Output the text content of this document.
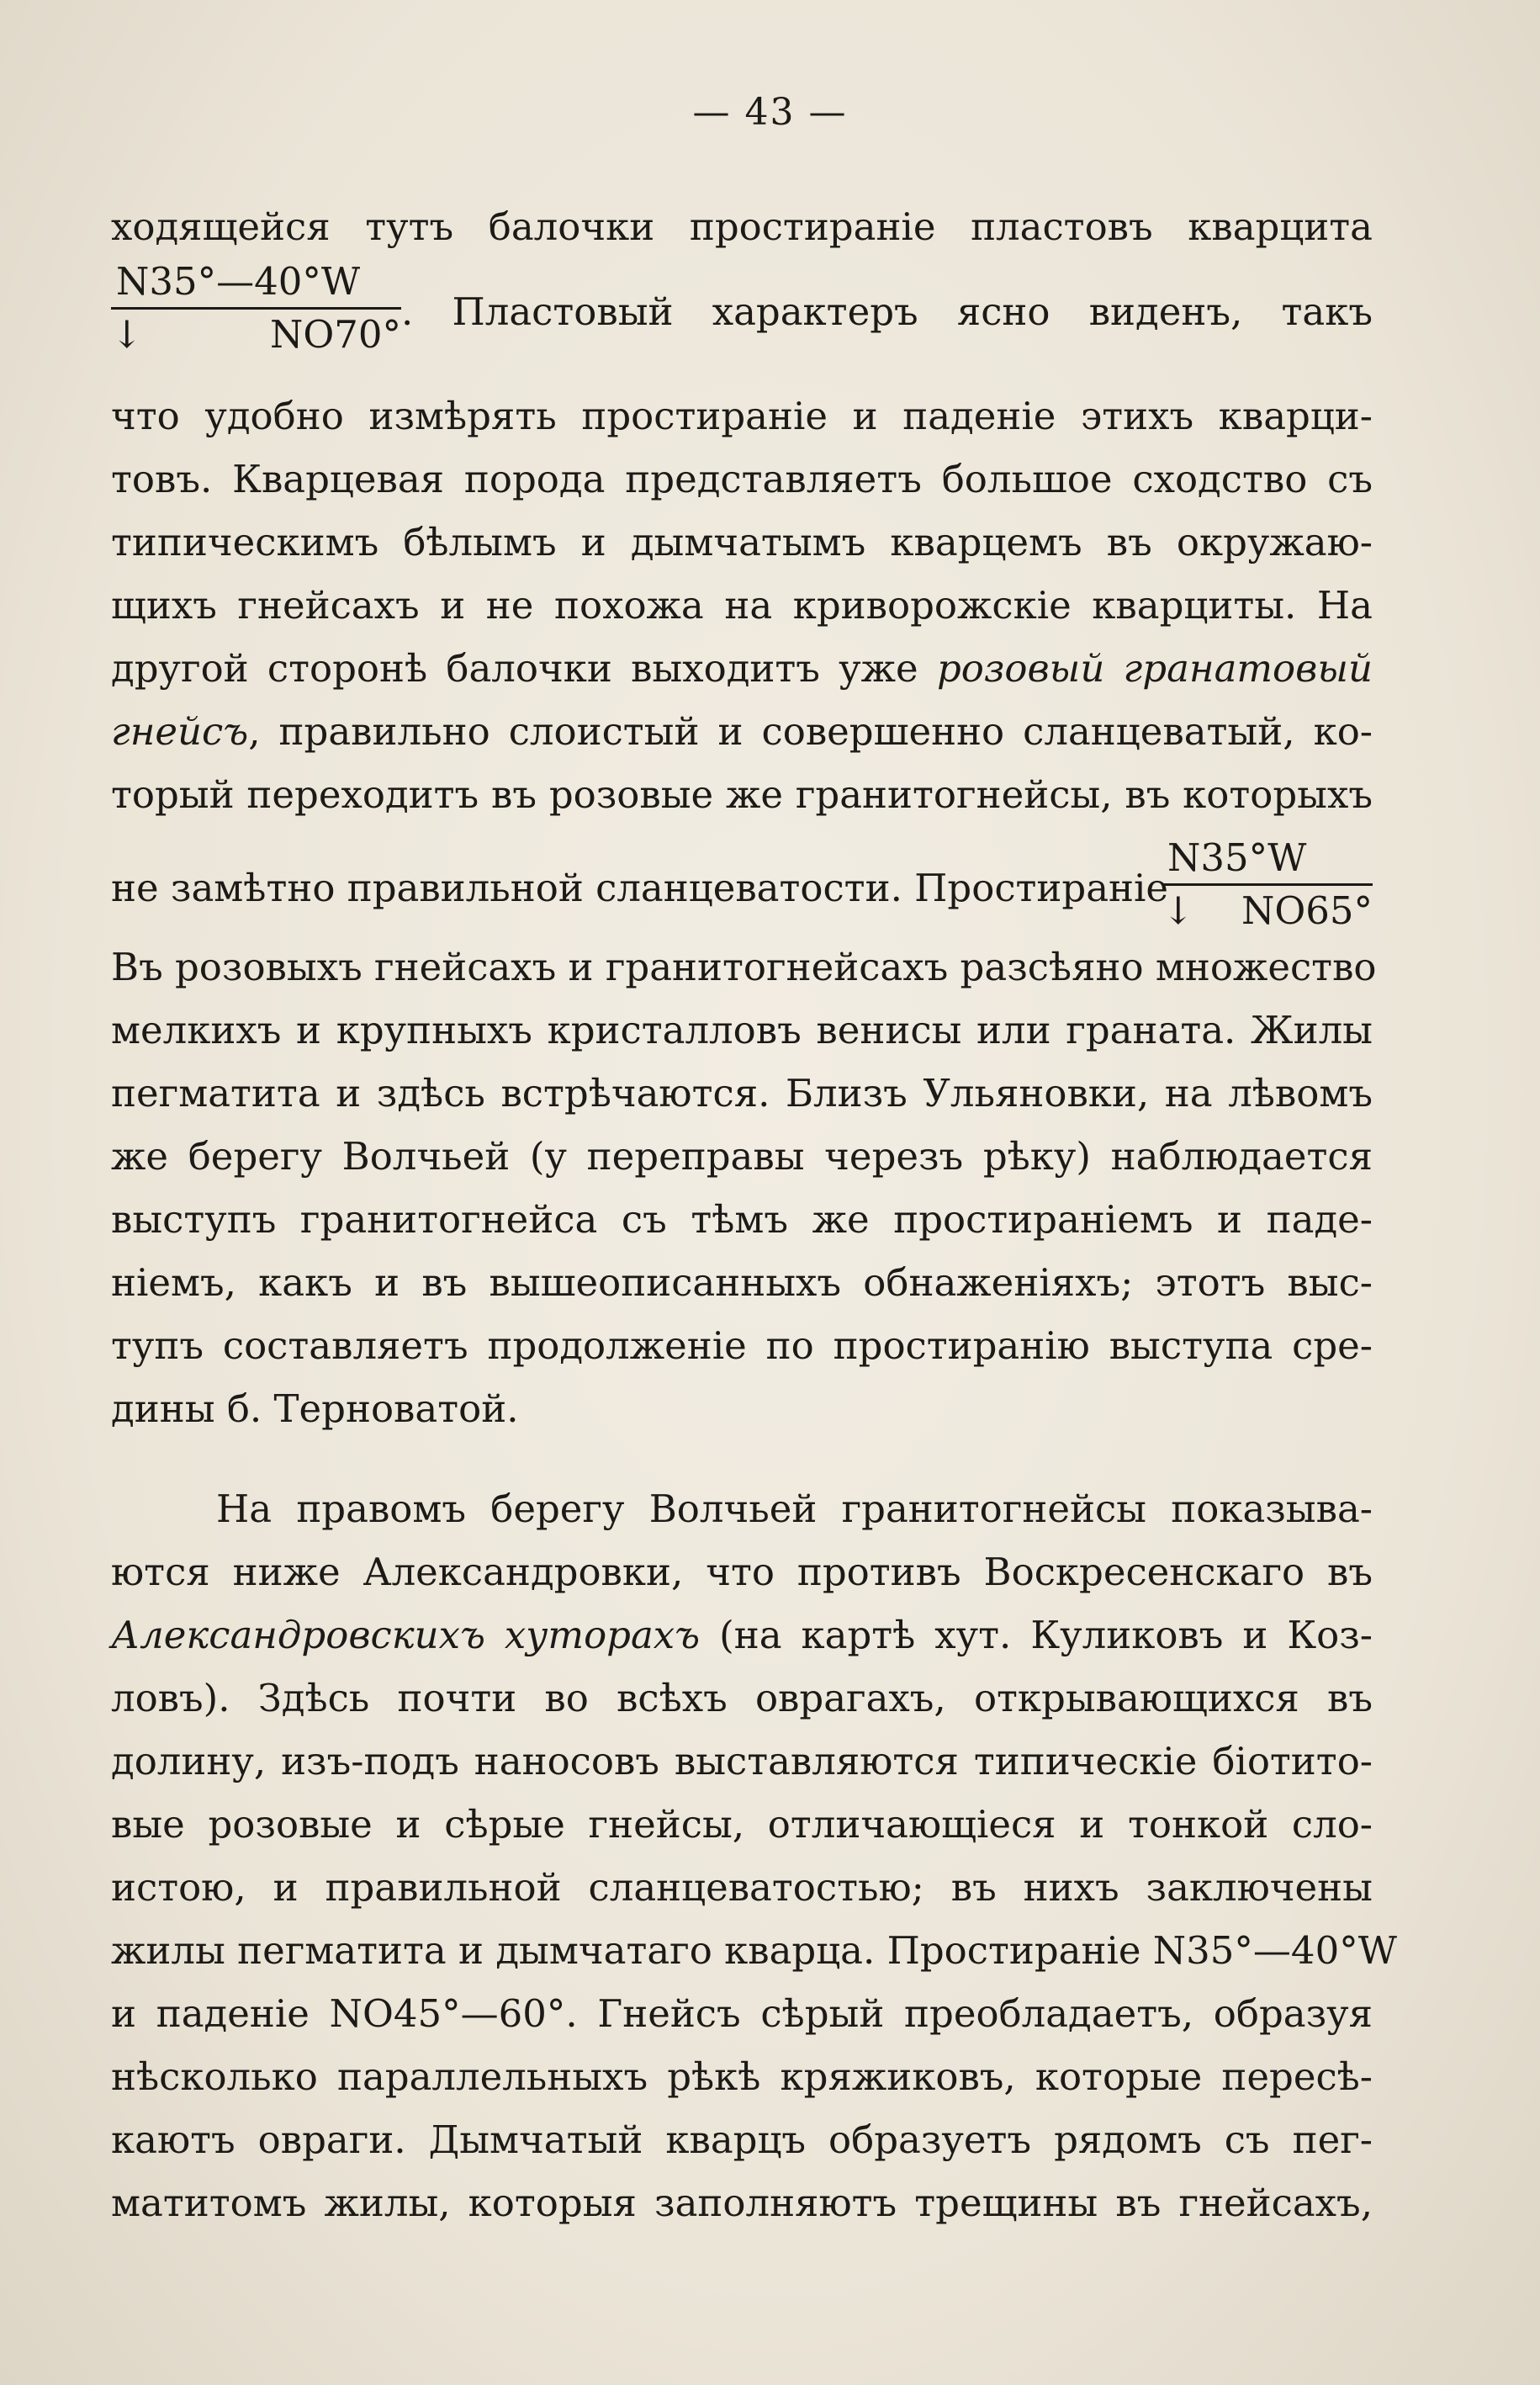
— 43 —
ходящейся тутъ балочки простираніе пластовъ кварцита
$\frac{N35^\circ—40^\circ W}{↓ NO70^\circ}$ . Пластовый характеръ ясно виденъ, такъ
что удобно измѣрять простираніе и паденіе этихъ кварци-
товъ. Кварцевая порода представляетъ большое сходство съ
типическимъ бѣлымъ и дымчатымъ кварцемъ въ окружаю-
щихъ гнейсахъ и не похожа на криворожскіе кварциты. На
другой сторонѣ балочки выходитъ уже розовый гранатовый
гнейсъ, правильно слоистый и совершенно сланцеватый, ко-
торый переходитъ въ розовые же гранитогнейсы, въ которыхъ
не замѣтно правильной сланцеватости. Простираніе
$\frac{N35^\circ W}{↓ NO65^\circ}$
Въ розовыхъ гнейсахъ и гранитогнейсахъ разсѣяно множество
мелкихъ и крупныхъ кристалловъ венисы или граната. Жилы
пегматита и здѣсь встрѣчаются. Близъ Ульяновки, на лѣвомъ
же берегу Волчьей (у переправы черезъ рѣку) наблюдается
выступъ гранитогнейса съ тѣмъ же простираніемъ и паде-
ніемъ, какъ и въ вышеописанныхъ обнаженіяхъ; этотъ выс-
тупъ составляетъ продолженіе по простиранію выступа сре-
дины б. Терноватой.
На правомъ берегу Волчьей гранитогнейсы показыва-
ются ниже Александровки, что противъ Воскресенскаго въ
Александровскихъ хуторахъ (на картѣ хут. Куликовъ и Коз-
ловъ). Здѣсь почти во всѣхъ оврагахъ, открывающихся въ
долину, изъ-подъ наносовъ выставляются типическіе біотито-
вые розовые и сѣрые гнейсы, отличающіеся и тонкой сло-
истою, и правильной сланцеватостью; въ нихъ заключены
жилы пегматита и дымчатаго кварца. Простираніе N35°—40°W
и паденіе NO45°—60°. Гнейсъ сѣрый преобладаетъ, образуя
нѣсколько параллельныхъ рѣкѣ кряжиковъ, которые пересѣ-
каютъ овраги. Дымчатый кварцъ образуетъ рядомъ съ пег-
матитомъ жилы, которыя заполняютъ трещины въ гнейсахъ,
